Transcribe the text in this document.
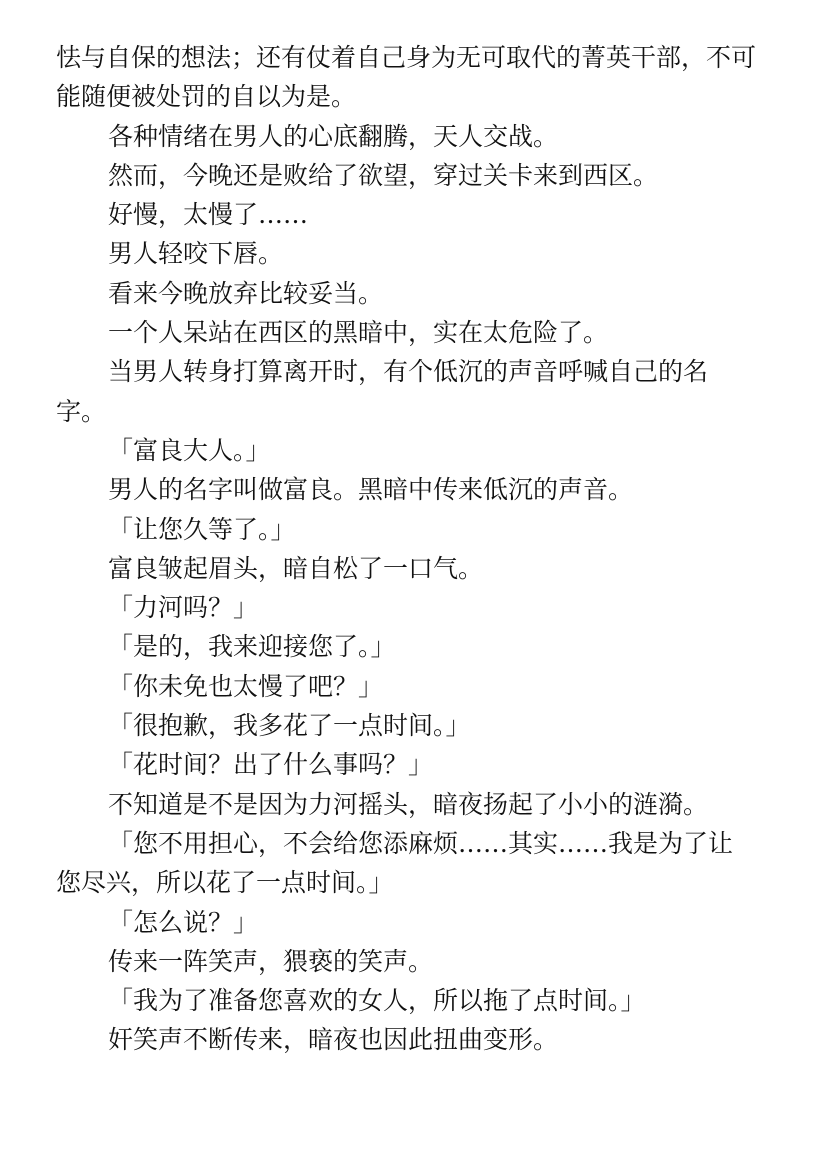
怯与自保的想法；还有仗着自己身为无可取代的菁英干部，不可能随便被处罚的自以为是。

各种情绪在男人的心底翻腾，天人交战。

然而，今晚还是败给了欲望，穿过关卡来到西区。

好慢，太慢了……

男人轻咬下唇。

看来今晚放弃比较妥当。

一个人呆站在西区的黑暗中，实在太危险了。

当男人转身打算离开时，有个低沉的声音呼喊自己的名字。

「富良大人。」

男人的名字叫做富良。黑暗中传来低沉的声音。

「让您久等了。」

富良皱起眉头，暗自松了一口气。

「力河吗？」

「是的，我来迎接您了。」

「你未免也太慢了吧？」

「很抱歉，我多花了一点时间。」

「花时间？出了什么事吗？」

不知道是不是因为力河摇头，暗夜扬起了小小的涟漪。

「您不用担心，不会给您添麻烦……其实……我是为了让您尽兴，所以花了一点时间。」

「怎么说？」

传来一阵笑声，猥亵的笑声。

「我为了准备您喜欢的女人，所以拖了点时间。」

奸笑声不断传来，暗夜也因此扭曲变形。
